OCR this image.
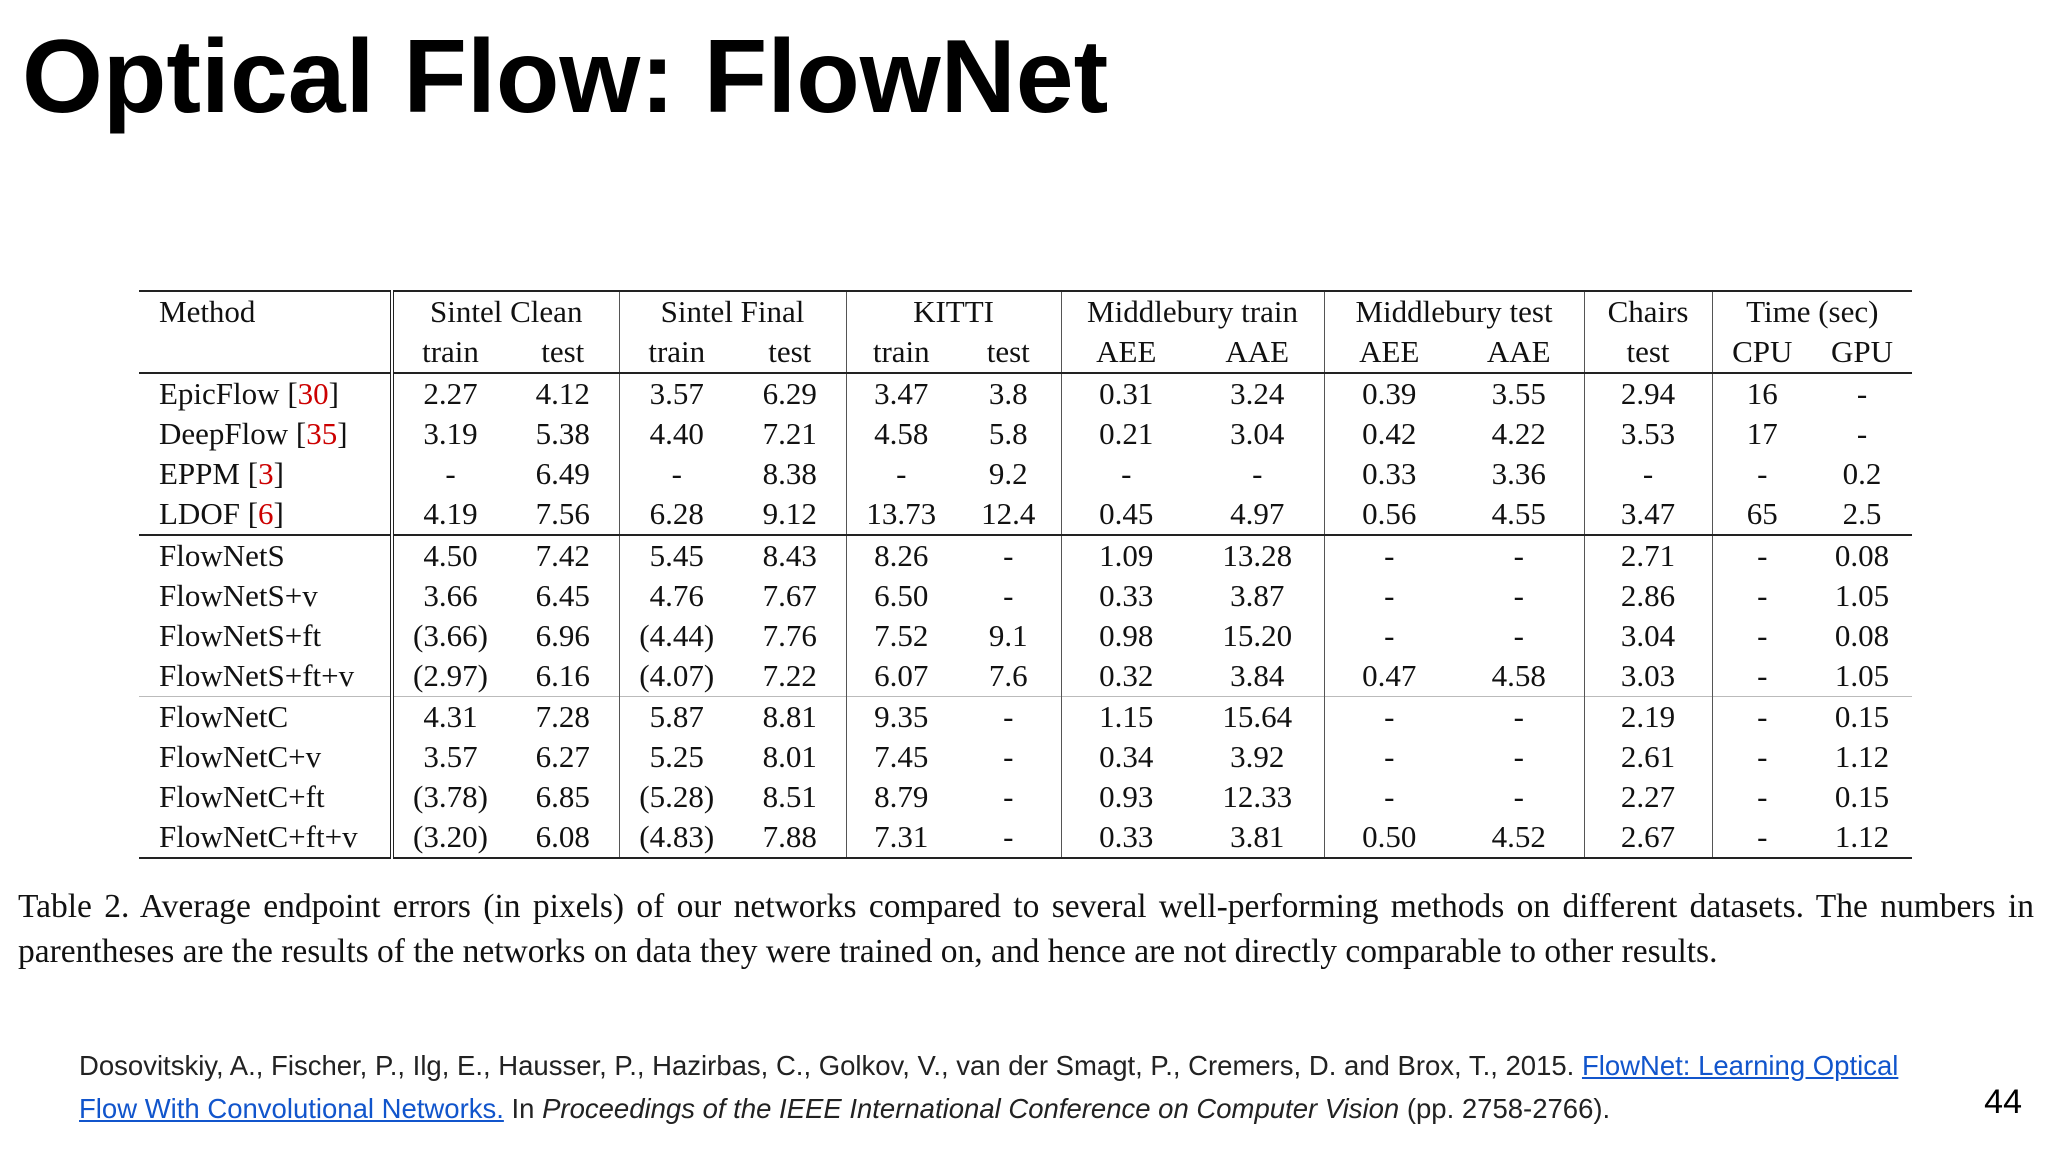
Optical Flow: FlowNet
Method	Sintel Clean		Sintel Final		KITTI		Middlebury train		Middlebury test		Chairs	Time (sec)	
	train	test	train	test	train	test	AEE	AAE	AEE	AAE	test	CPU	GPU
EpicFlow [30]	2.27	4.12	3.57	6.29	3.47	3.8	0.31	3.24	0.39	3.55	2.94	16	-
DeepFlow [35]	3.19	5.38	4.40	7.21	4.58	5.8	0.21	3.04	0.42	4.22	3.53	17	-
EPPM [3]	-	6.49	-	8.38	-	9.2	-	-	0.33	3.36	-	-	0.2
LDOF [6]	4.19	7.56	6.28	9.12	13.73	12.4	0.45	4.97	0.56	4.55	3.47	65	2.5
FlowNetS	4.50	7.42	5.45	8.43	8.26	-	1.09	13.28	-	-	2.71	-	0.08
FlowNetS+v	3.66	6.45	4.76	7.67	6.50	-	0.33	3.87	-	-	2.86	-	1.05
FlowNetS+ft	(3.66)	6.96	(4.44)	7.76	7.52	9.1	0.98	15.20	-	-	3.04	-	0.08
FlowNetS+ft+v	(2.97)	6.16	(4.07)	7.22	6.07	7.6	0.32	3.84	0.47	4.58	3.03	-	1.05
FlowNetC	4.31	7.28	5.87	8.81	9.35	-	1.15	15.64	-	-	2.19	-	0.15
FlowNetC+v	3.57	6.27	5.25	8.01	7.45	-	0.34	3.92	-	-	2.61	-	1.12
FlowNetC+ft	(3.78)	6.85	(5.28)	8.51	8.79	-	0.93	12.33	-	-	2.27	-	0.15
FlowNetC+ft+v	(3.20)	6.08	(4.83)	7.88	7.31	-	0.33	3.81	0.50	4.52	2.67	-	1.12

Table 2. Average endpoint errors (in pixels) of our networks compared to several well-performing methods on different datasets. The numbers in parentheses are the results of the networks on data they were trained on, and hence are not directly comparable to other results.

Dosovitskiy, A., Fischer, P., Ilg, E., Hausser, P., Hazirbas, C., Golkov, V., van der Smagt, P., Cremers, D. and Brox, T., 2015. FlowNet: Learning Optical Flow With Convolutional Networks. In Proceedings of the IEEE International Conference on Computer Vision (pp. 2758-2766).	44
